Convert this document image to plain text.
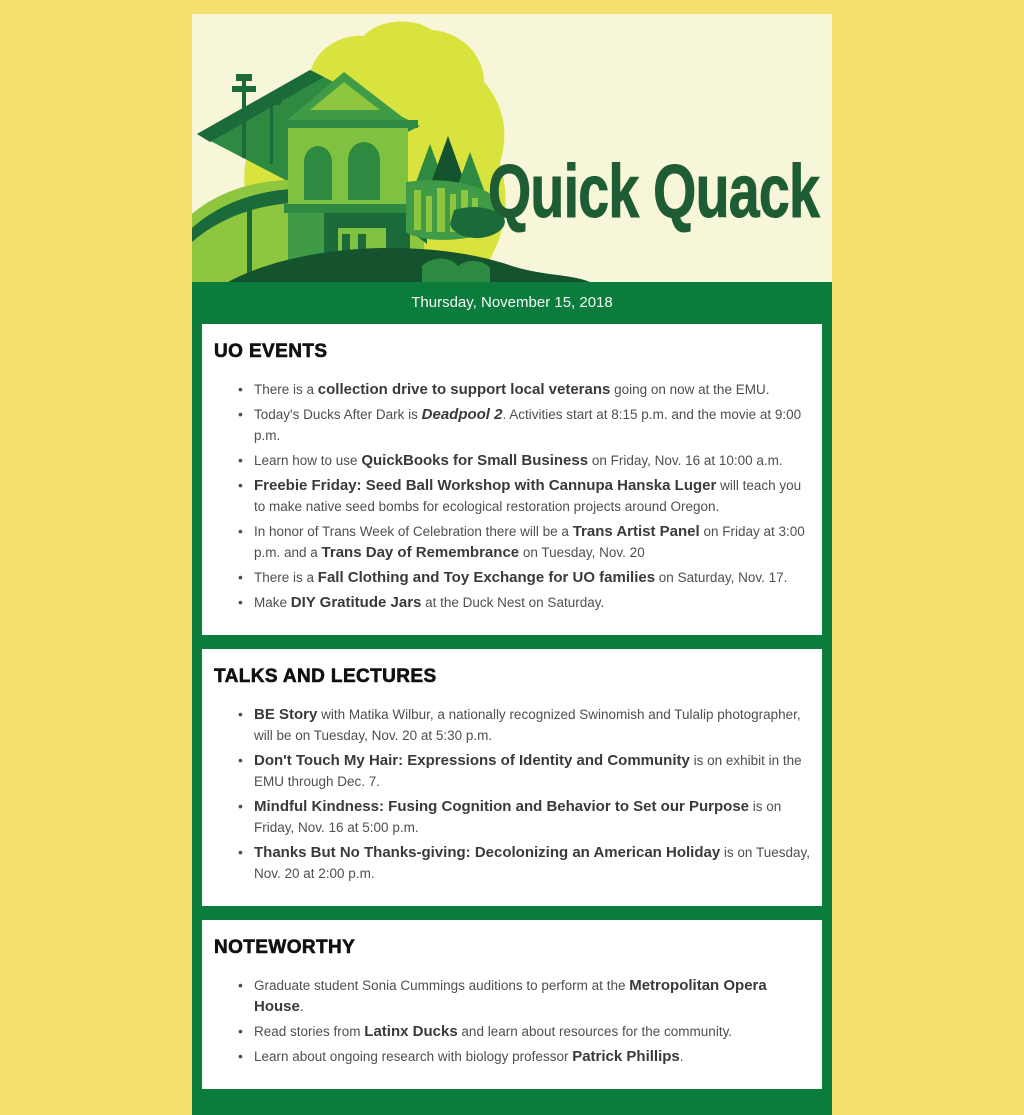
Quick Quack
Thursday, November 15, 2018
UO EVENTS
• There is a collection drive to support local veterans going on now at the EMU.
• Today's Ducks After Dark is Deadpool 2. Activities start at 8:15 p.m. and the movie at 9:00 p.m.
• Learn how to use QuickBooks for Small Business on Friday, Nov. 16 at 10:00 a.m.
• Freebie Friday: Seed Ball Workshop with Cannupa Hanska Luger will teach you to make native seed bombs for ecological restoration projects around Oregon.
• In honor of Trans Week of Celebration there will be a Trans Artist Panel on Friday at 3:00 p.m. and a Trans Day of Remembrance on Tuesday, Nov. 20
• There is a Fall Clothing and Toy Exchange for UO families on Saturday, Nov. 17.
• Make DIY Gratitude Jars at the Duck Nest on Saturday.
TALKS AND LECTURES
• BE Story with Matika Wilbur, a nationally recognized Swinomish and Tulalip photographer, will be on Tuesday, Nov. 20 at 5:30 p.m.
• Don't Touch My Hair: Expressions of Identity and Community is on exhibit in the EMU through Dec. 7.
• Mindful Kindness: Fusing Cognition and Behavior to Set our Purpose is on Friday, Nov. 16 at 5:00 p.m.
• Thanks But No Thanks-giving: Decolonizing an American Holiday is on Tuesday, Nov. 20 at 2:00 p.m.
NOTEWORTHY
• Graduate student Sonia Cummings auditions to perform at the Metropolitan Opera House.
• Read stories from Latinx Ducks and learn about resources for the community.
• Learn about ongoing research with biology professor Patrick Phillips.
